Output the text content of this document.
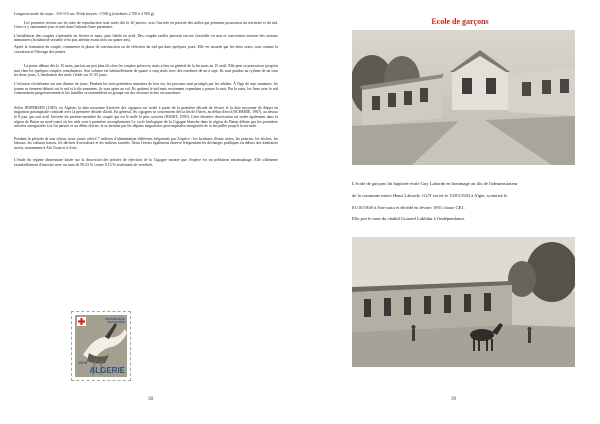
Longueur totale du corps : 110-115 cm. Poids moyen : 3 500 g (extrêmes 2 700 à 4 500 g)

Les premiers retours sur les sites de reproduction sont notés dès le 20 janvier, avec l'arrivée en priorité des mâles qui prennent possession du territoire et du nid. Ceux-ci y stationnent jour et nuit dans l'attente d'une partenaire.

L'installation des couples s'intensifie en février et mars, puis faiblit en avril. Des couples tardifs peuvent encore s'installer en mai et concernent souvent des oiseaux immatures (la maturité sexuelle n'est pas atteinte avant trois ou quatre ans).

Après la formation du couple, commence la phase de construction ou de réfection du nid qui dure quelques jours. Elle est assurée par les deux sexes, tout comme la couvaison et l'élevage des jeunes.

La ponte débute dès le 15 mars, parfois un peu plus tôt chez les couples précoces, mais a lieu en général de la fin mars au 15 avril. Elle peut se poursuivre jusqu'en mai chez les quelques couples retardataires. Son volume est habituellement de quatre à cinq œufs avec des extrêmes de un à sept. Ils sont pondus au rythme de un tous les deux jours. L'incubation des œufs s'étale sur 31-35 jours.

L'éclosion s'échelonne sur une dizaine de jours. Pendant les trois premières semaines de leur vie, les poussins sont protégés par les adultes. À l'âge de sept semaines, les jeunes se tiennent debout sur le nid et à dix semaines, ils sont aptes au vol. Ils quittent le nid mais reviennent cependant y passer la nuit. Par la suite, les liens avec le nid s'amenuisent progressivement et les familles se rassemblent en groupe sur des secteurs riches en nourriture.

Selon JESPERSEN (1949), en Algérie, la date moyenne d'arrivée des cigognes est notée à partir de la première décade de février et la date moyenne de départ en migration postnuptiale coïncide avec la première décade d'août. En général, les cigognes se concentrent dès la fin de l'hiver, au début d'avril (SCHEIBE, 1967), au dessus le 8 jour qui suit avril l'arrivée du premier membre du couple qui est le mâle le plus souvent (HARIT, 1950). Cette dernière observation est notée également dans la région de Batna au nord-ouest où les nids sont à première accouplements Le cycle biologique de la Cigogne blanche dans la région de Batna débute par les premières arrivées enregistrées à la fin janvier et au début février, et se termine par les départs migratoires post-nuptiales enregistrés de la fin juillet jusqu'à la mi-août.

Pendant la période de son séjour, nous avons relevé 7 milieux d'alimentation différents fréquentés par l'espèce : les bordures d'eaux usées, les prairies, les friches, les labours, les cultures basses, les déchets d'aviculture et les milieux fauchés. Nous l'avons également observé fréquentant les décharges publiques en dehors des itinéraires suivis, notamment à Aïn Touta et à Arris.

L'étude du régime alimentaire basée sur la dissection des pelotes de réjection de la Cigogne montre que l'espèce est un prédateur entomophage. Elle s'alimente essentiellement d'insectes avec un taux de 99,23 % contre 0,13 % seulement de vertébrés.

38
REPUBLIQUE FRANÇAISE
15+5
ALGERIE
39
Ecole de garçons
L'école de garçons fut baptisée école Guy Laborde en hommage au fils de l'administrateur
de la commune mixte Henri Laborde. GUY est né le 15/03/1943 à Alger, scolarisé le
01/10/1949 à Aïn-touta et décédé en février 1951 classe CE1.
Elle prit le nom du chahid Gouaref Lakhdar à l'indépendance.
